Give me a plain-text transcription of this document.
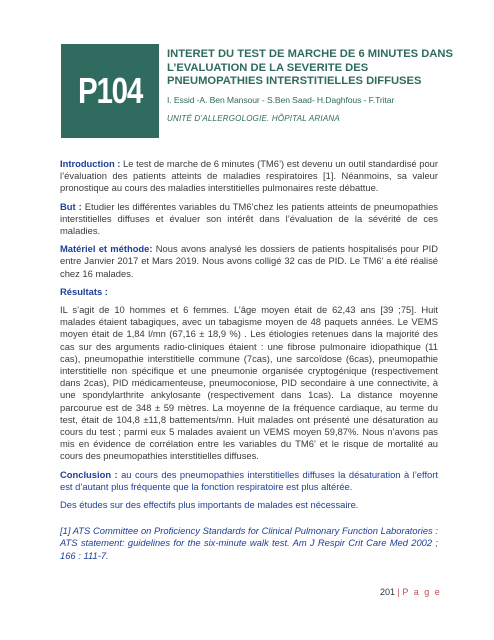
P104
INTERET DU TEST DE MARCHE DE 6 MINUTES DANS L’EVALUATION DE LA SEVERITE DES PNEUMOPATHIES INTERSTITIELLES DIFFUSES
I. Essid -A. Ben Mansour - S.Ben Saad- H.Daghfous - F.Tritar
UNITÉ D’ALLERGOLOGIE. HÔPITAL ARIANA

Introduction : Le test de marche de 6 minutes (TM6’) est devenu un outil standardisé pour l’évaluation des patients atteints de maladies respiratoires [1]. Néanmoins, sa valeur pronostique au cours des maladies interstitielles pulmonaires reste débattue.

But : Etudier les différentes variables du TM6’chez les patients atteints de pneumopathies interstitielles diffuses et évaluer son intérêt dans l’évaluation de la sévérité de ces maladies.

Matériel et méthode: Nous avons analysé les dossiers de patients hospitalisés pour PID entre Janvier 2017 et Mars 2019. Nous avons colligé 32 cas de PID. Le TM6’ a été réalisé chez 16 malades.

Résultats :
IL s’agit de 10 hommes et 6 femmes. L’âge moyen était de 62,43 ans [39 ;75]. Huit malades étaient tabagiques, avec un tabagisme moyen de 48 paquets années. Le VEMS moyen était de 1,84 l/mn (67,16 ± 18,9 %) . Les étiologies retenues dans la majorité des cas sur des arguments radio-cliniques étaient : une fibrose pulmonaire idiopathique (11 cas), pneumopathie interstitielle commune (7cas), une sarcoïdose (6cas), pneumopathie interstitielle non spécifique et une pneumonie organisée cryptogénique (respectivement dans 2cas), PID médicamenteuse, pneumoconiose, PID secondaire à une connectivite, à une spondylarthrite ankylosante (respectivement dans 1cas). La distance moyenne parcourue est de 348 ± 59 mètres. La moyenne de la fréquence cardiaque, au terme du test, était de 104,8 ±11,8 battements/mn. Huit malades ont présenté une désaturation au cours du test ; parmi eux 5 malades avaient un VEMS moyen 59,87%. Nous n’avons pas mis en évidence de corrélation entre les variables du TM6’ et le risque de mortalité au cours des pneumopathies interstitielles diffuses.

Conclusion : au cours des pneumopathies interstitielles diffuses la désaturation à l’effort est d’autant plus fréquente que la fonction respiratoire est plus altérée.

Des études sur des effectifs plus importants de malades est nécessaire.

[1] ATS Committee on Proficiency Standards for Clinical Pulmonary Function Laboratories : ATS statement: guidelines for the six-minute walk test. Am J Respir Crit Care Med 2002 ; 166 : 111-7.

201 | P a g e
